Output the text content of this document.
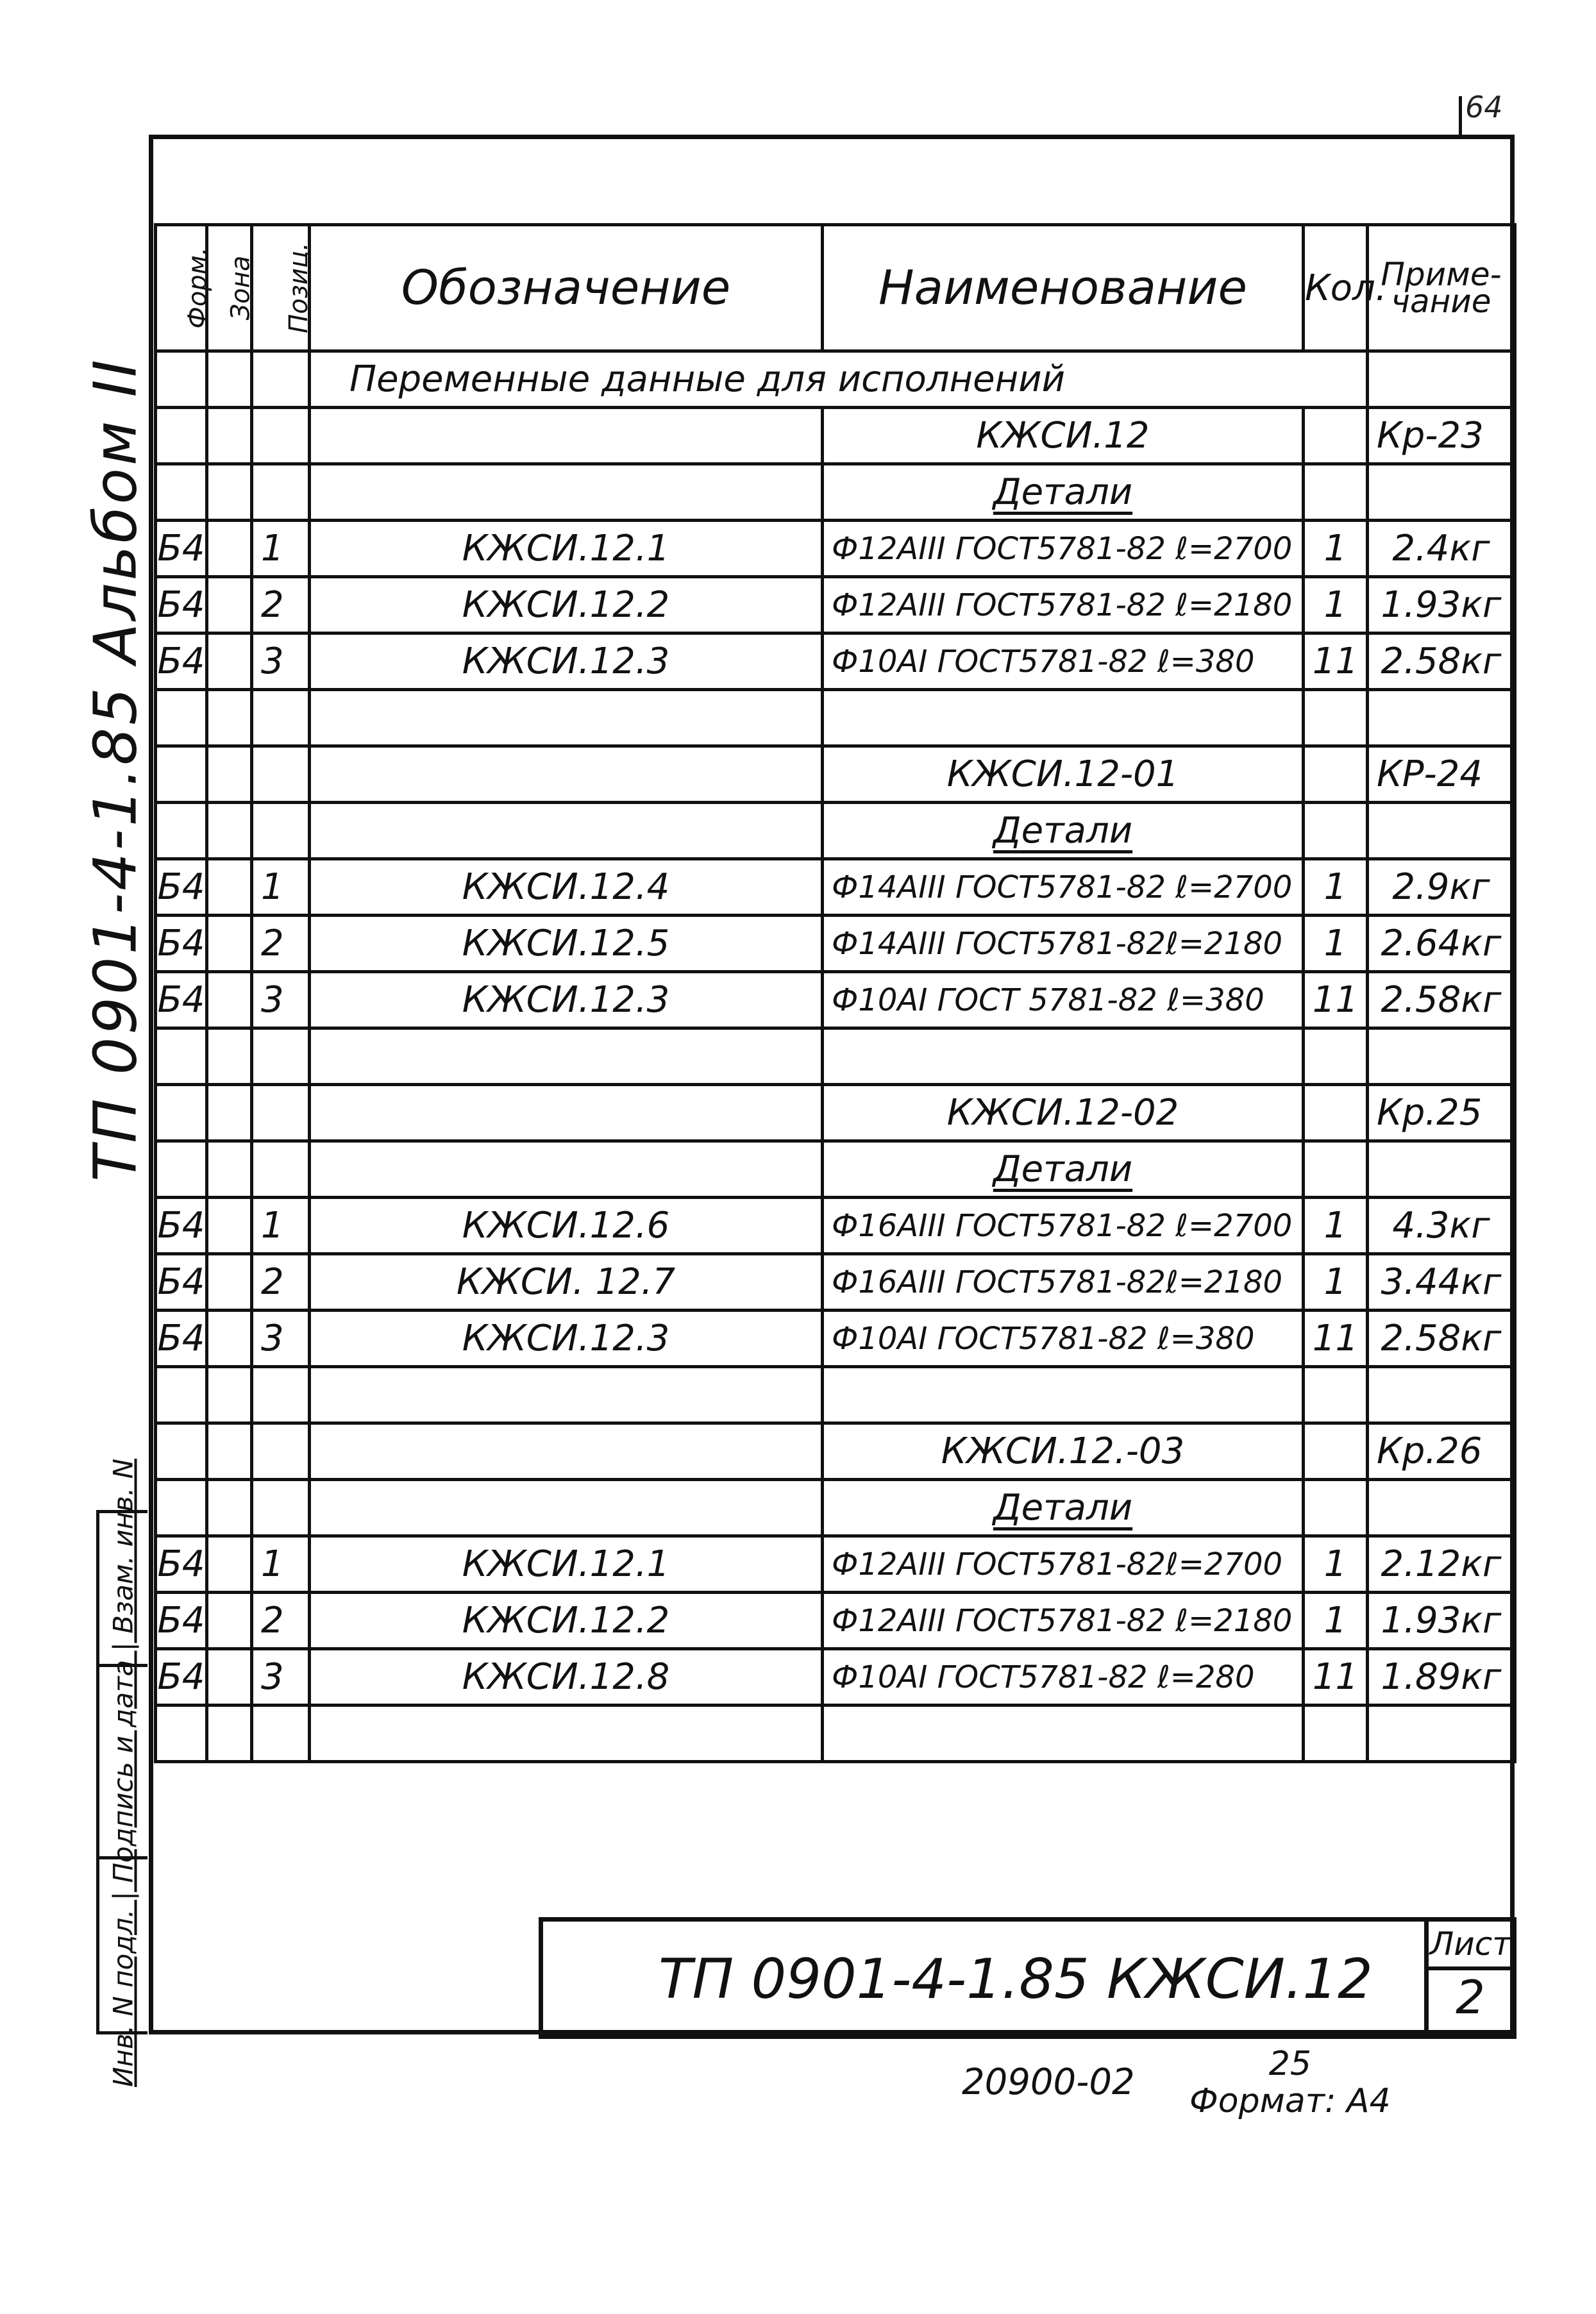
64
ТП 0901-4-1.85 Альбом II
Инв. N подл. | Подпись и дата | Взам. инв. N
Форм.	Зона	Позиц.	Обозначение	Наименование	Кол.	Приме-
чание

			Переменные данные для исполнений			
				КЖСИ.12		Кр-23
				Детали		
Б4		1	КЖСИ.12.1	Ф12AIII ГОСТ5781-82 ℓ=2700	1	2.4кг
Б4		2	КЖСИ.12.2	Ф12AIII ГОСТ5781-82 ℓ=2180	1	1.93кг
Б4		3	КЖСИ.12.3	Ф10AI ГОСТ5781-82 ℓ=380	11	2.58кг

				КЖСИ.12-01		КР-24
				Детали		
Б4		1	КЖСИ.12.4	Ф14AIII ГОСТ5781-82 ℓ=2700	1	2.9кг
Б4		2	КЖСИ.12.5	Ф14AIII ГОСТ5781-82ℓ=2180	1	2.64кг
Б4		3	КЖСИ.12.3	Ф10AI ГОСТ 5781-82 ℓ=380	11	2.58кг

				КЖСИ.12-02		Кр.25
				Детали		
Б4		1	КЖСИ.12.6	Ф16AIII ГОСТ5781-82 ℓ=2700	1	4.3кг
Б4		2	КЖСИ. 12.7	Ф16AIII ГОСТ5781-82ℓ=2180	1	3.44кг
Б4		3	КЖСИ.12.3	Ф10AI ГОСТ5781-82 ℓ=380	11	2.58кг

				КЖСИ.12.-03		Кр.26
				Детали		
Б4		1	КЖСИ.12.1	Ф12AIII ГОСТ5781-82ℓ=2700	1	2.12кг
Б4		2	КЖСИ.12.2	Ф12AIII ГОСТ5781-82 ℓ=2180	1	1.93кг
Б4		3	КЖСИ.12.8	Ф10AI ГОСТ5781-82 ℓ=280	11	1.89кг

ТП 0901-4-1.85 КЖСИ.12
Лист
2
20900-02	25
Формат: А4
